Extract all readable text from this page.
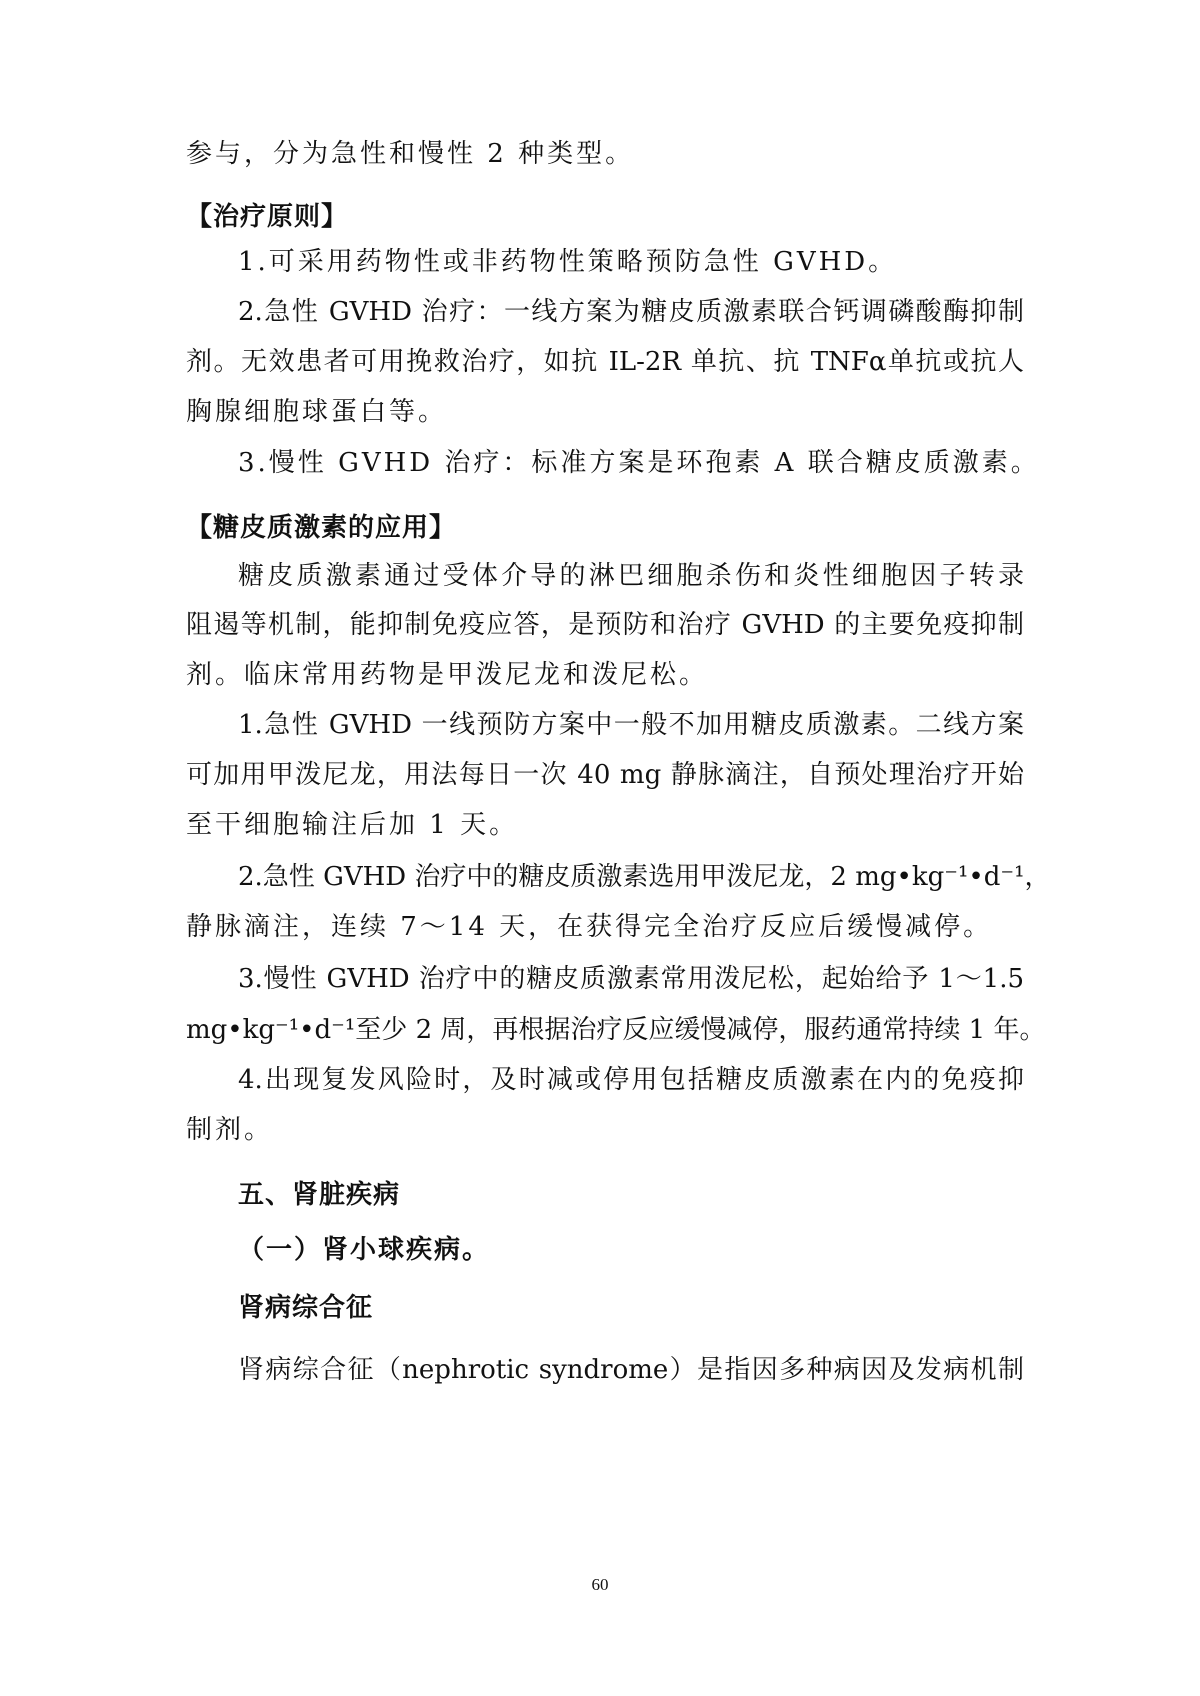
参与，分为急性和慢性 2 种类型。
【治疗原则】
1.可采用药物性或非药物性策略预防急性 GVHD。
2.急性 GVHD 治疗：一线方案为糖皮质激素联合钙调磷酸酶抑制
剂。无效患者可用挽救治疗，如抗 IL-2R 单抗、抗 TNFα单抗或抗人
胸腺细胞球蛋白等。
3.慢性 GVHD 治疗：标准方案是环孢素 A 联合糖皮质激素。
【糖皮质激素的应用】
糖皮质激素通过受体介导的淋巴细胞杀伤和炎性细胞因子转录
阻遏等机制，能抑制免疫应答，是预防和治疗 GVHD 的主要免疫抑制
剂。临床常用药物是甲泼尼龙和泼尼松。
1.急性 GVHD 一线预防方案中一般不加用糖皮质激素。二线方案
可加用甲泼尼龙，用法每日一次 40 mg 静脉滴注，自预处理治疗开始
至干细胞输注后加 1 天。
2.急性 GVHD 治疗中的糖皮质激素选用甲泼尼龙，2 mg•kg⁻¹•d⁻¹，
静脉滴注，连续 7～14 天，在获得完全治疗反应后缓慢减停。
3.慢性 GVHD 治疗中的糖皮质激素常用泼尼松，起始给予 1～1.5
mg•kg⁻¹•d⁻¹至少 2 周，再根据治疗反应缓慢减停，服药通常持续 1 年。
4.出现复发风险时，及时减或停用包括糖皮质激素在内的免疫抑
制剂。
五、肾脏疾病
（一）肾小球疾病。
肾病综合征
肾病综合征（nephrotic syndrome）是指因多种病因及发病机制
60
